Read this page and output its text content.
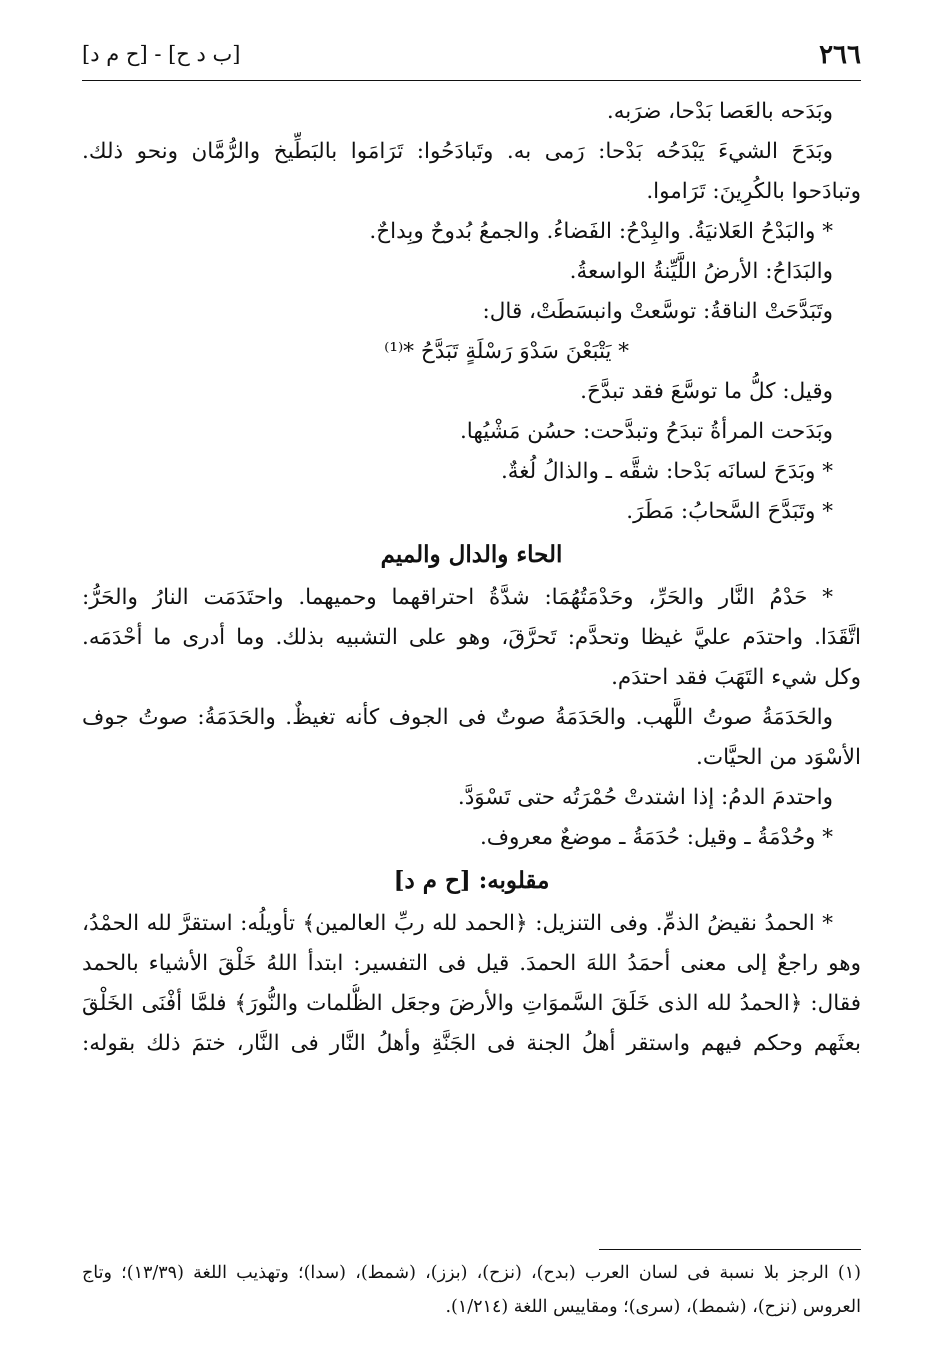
٢٦٦
[ب د ح] - [ح م د]
وبَدَحه بالعَصا بَدْحا، ضرَبه.
وبَدَحَ الشيءَ يَبْدَحُه بَدْحا: رَمى به. وتَبادَحُوا: تَرَامَوا بالبَطِّيخ والرُّمَّان ونحو ذلك.
وتبادَحوا بالكُرِينَ: تَرَاموا.
* والبَدْحُ العَلانيَةُ. والبِدْحُ: الفَضاءُ. والجمعُ بُدوحٌ وبِداحٌ.
والبَدَاحُ: الأرضُ اللَّيِّنةُ الواسعةُ.
وتَبَدَّحَتْ الناقةُ: توسَّعتْ وانبسَطَتْ، قال:
* يَتْبَعْنَ سَدْوَ رَسْلَةٍ تَبَدَّحُ *⁽¹⁾
وقيل: كلُّ ما توسَّعَ فقد تبدَّحَ.
وبَدَحت المرأةُ تبدَحُ وتبدَّحت: حسُن مَشْيُها.
* وبَدَحَ لسانَه بَدْحا: شقَّه ـ والذالُ لُغةٌ.
* وتَبَدَّحَ السَّحابُ: مَطَرَ.
الحاء والدال والميم
* حَدْمُ النَّار والحَرِّ، وحَدْمَتُهُمَا: شدَّةُ احتراقهما وحميهما. واحتَدَمَت النارُ والحَرُّ:
اتَّقَدَا. واحتدَم عليَّ غيظا وتحدَّم: تَحرَّقَ، وهو على التشبيه بذلك. وما أدرى ما أحْدَمَه.
وكل شيء التَهَبَ فقد احتدَم.
والحَدَمَةُ صوتُ اللَّهب. والحَدَمَةُ صوتٌ فى الجوف كأنه تغيظٌ. والحَدَمَةُ: صوتُ جوف
الأسْوَد من الحيَّات.
واحتدمَ الدمُ: إذا اشتدتْ حُمْرَتُه حتى تَسْوَدَّ.
* وحُدْمَةُ ـ وقيل: حُدَمَةُ ـ موضعٌ معروف.
مقلوبه: [ح م د]
* الحمدُ نقيضُ الذمِّ. وفى التنزيل: ﴿الحمد لله ربِّ العالمين﴾ تأويلُه: استقرَّ لله الحمْدُ،
وهو راجعٌ إلى معنى أحمَدُ اللهَ الحمدَ. قيل فى التفسير: ابتدأ اللهُ خَلْقَ الأشياء بالحمد
فقال: ﴿الحمدُ لله الذى خَلَقَ السَّموَاتِ والأرضَ وجعَل الظُّلمات والنُّورَ﴾ فلمَّا أفْنَى الخَلْقَ
بعثَهم وحكم فيهم واستقر أهلُ الجنة فى الجَنَّةِ وأهلُ النَّار فى النَّار، ختمَ ذلك بقوله:
(١) الرجز بلا نسبة فى لسان العرب (بدح)، (نزح)، (بزز)، (شمط)، (سدا)؛ وتهذيب اللغة (١٣/٣٩)؛ وتاج
العروس (نزح)، (شمط)، (سرى)؛ ومقاييس اللغة (١/٢١٤).
